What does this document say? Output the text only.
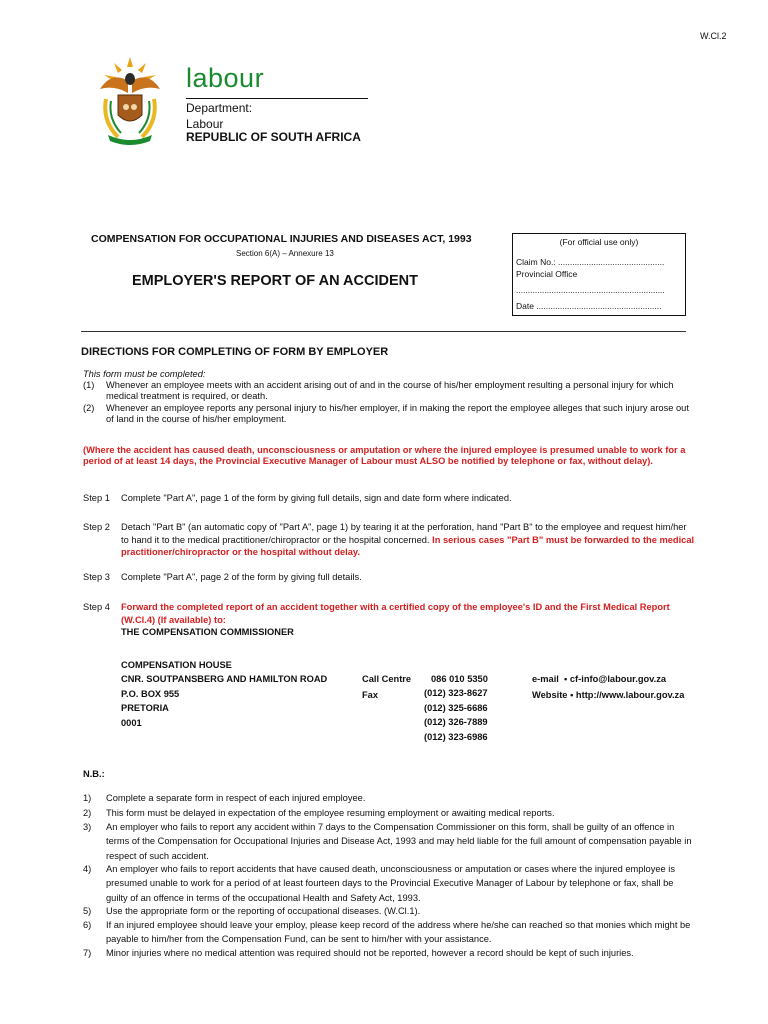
W.Cl.2
labour
Department:
Labour
REPUBLIC OF SOUTH AFRICA
COMPENSATION FOR OCCUPATIONAL INJURIES AND DISEASES ACT, 1993
Section 6(A) – Annexure 13
EMPLOYER'S REPORT OF AN ACCIDENT
(For official use only)
Claim No.: .............................................
Provincial Office
...............................................................
Date .....................................................
DIRECTIONS FOR COMPLETING OF FORM BY EMPLOYER
This form must be completed:
(1) Whenever an employee meets with an accident arising out of and in the course of his/her employment resulting a personal injury for which medical treatment is required, or death.
(2) Whenever an employee reports any personal injury to his/her employer, if in making the report the employee alleges that such injury arose out of land in the course of his/her employment.
(Where the accident has caused death, unconsciousness or amputation or where the injured employee is presumed unable to work for a period of at least 14 days, the Provincial Executive Manager of Labour must ALSO be notified by telephone or fax, without delay).
Step 1 Complete "Part A", page 1 of the form by giving full details, sign and date form where indicated.
Step 2 Detach "Part B" (an automatic copy of "Part A", page 1) by tearing it at the perforation, hand "Part B" to the employee and request him/her to hand it to the medical practitioner/chiropractor or the hospital concerned. In serious cases "Part B" must be forwarded to the medical practitioner/chiropractor or the hospital without delay.
Step 3 Complete "Part A", page 2 of the form by giving full details.
Step 4 Forward the completed report of an accident together with a certified copy of the employee's ID and the First Medical Report (W.Cl.4) (If available) to:
THE COMPENSATION COMMISSIONER
COMPENSATION HOUSE
CNR. SOUTPANSBERG AND HAMILTON ROAD
P.O. BOX 955
PRETORIA
0001
Call Centre
Fax
086 010 5350
(012) 323-8627
(012) 325-6686
(012) 326-7889
(012) 323-6986
e-mail • cf-info@labour.gov.za
Website • http://www.labour.gov.za
N.B.:
1) Complete a separate form in respect of each injured employee.
2) This form must be delayed in expectation of the employee resuming employment or awaiting medical reports.
3) An employer who fails to report any accident within 7 days to the Compensation Commissioner on this form, shall be guilty of an offence in terms of the Compensation for Occupational Injuries and Disease Act, 1993 and may held liable for the full amount of compensation payable in respect of such accident.
4) An employer who fails to report accidents that have caused death, unconsciousness or amputation or cases where the injured employee is presumed unable to work for a period of at least fourteen days to the Provincial Executive Manager of Labour by telephone or fax, shall be guilty of an offence in terms of the occupational Health and Safety Act, 1993.
5) Use the appropriate form or the reporting of occupational diseases. (W.Cl.1).
6) If an injured employee should leave your employ, please keep record of the address where he/she can reached so that monies which might be payable to him/her from the Compensation Fund, can be sent to him/her with your assistance.
7) Minor injuries where no medical attention was required should not be reported, however a record should be kept of such injuries.
